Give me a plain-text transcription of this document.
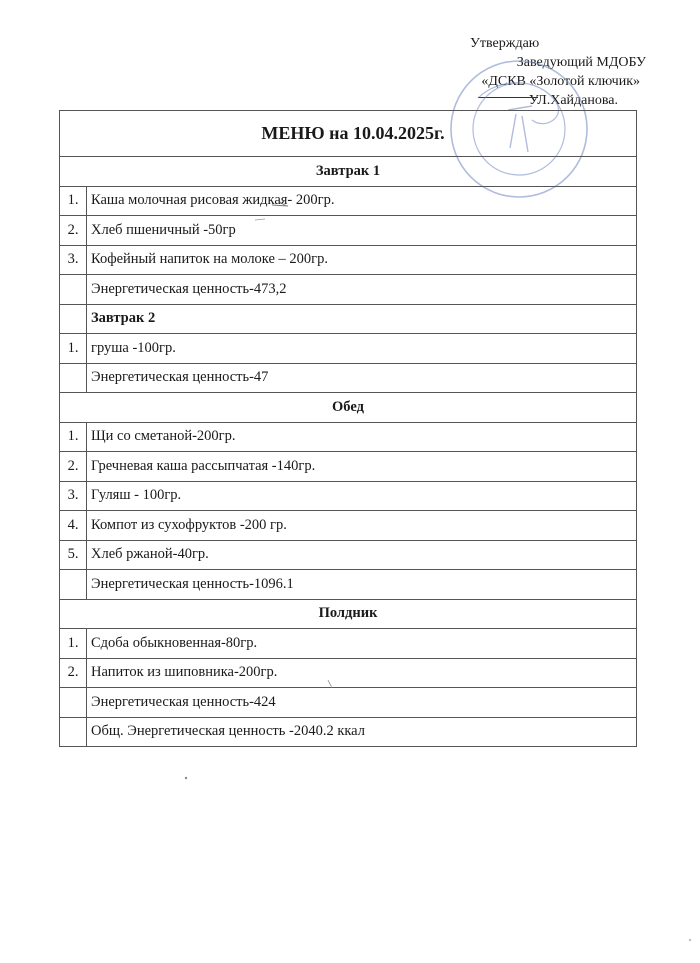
Утверждаю
Заведующий МДОБУ
«ДСКВ «Золотой ключик»
УЛ.Хайданова.
МЕНЮ на 10.04.2025г.	
Завтрак 1	
1.	Каша молочная рисовая жидкая- 200гр.
2.	Хлеб пшеничный -50гр
3.	Кофейный напиток на молоке – 200гр.
	Энергетическая ценность-473,2
	Завтрак 2
1.	груша -100гр.
	Энергетическая ценность-47
Обед	
1.	Щи со сметаной-200гр.
2.	Гречневая каша рассыпчатая -140гр.
3.	Гуляш - 100гр.
4.	Компот из сухофруктов -200 гр.
5.	Хлеб ржаной-40гр.
	Энергетическая ценность-1096.1
Полдник	
1.	Сдоба обыкновенная-80гр.
2.	Напиток из шиповника-200гр.
	Энергетическая ценность-424
	Общ. Энергетическая ценность -2040.2 ккал
